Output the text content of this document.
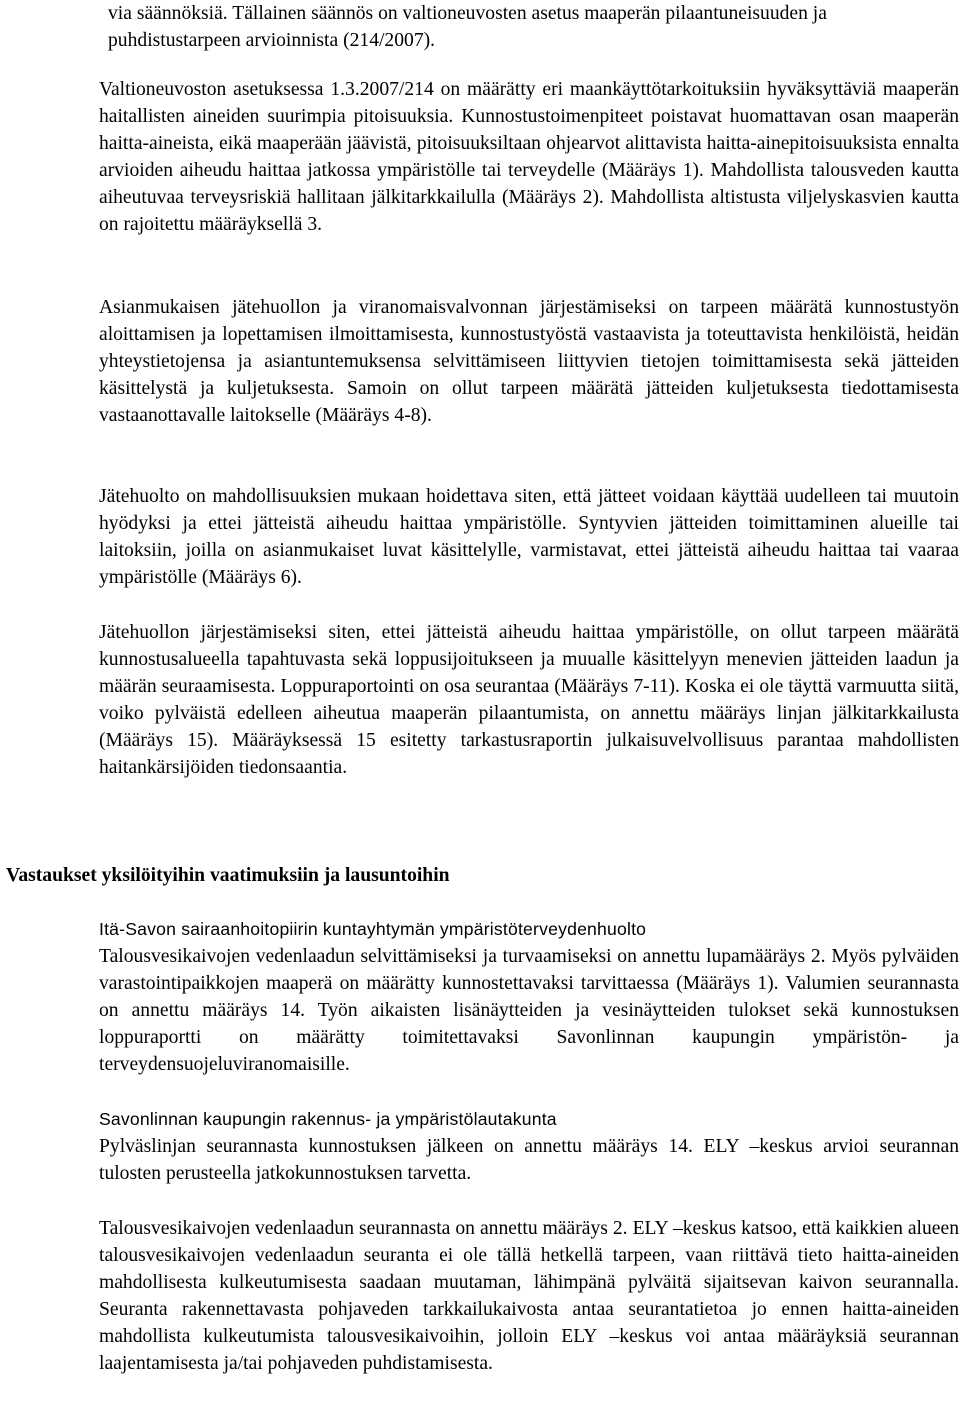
via säännöksiä. Tällainen säännös on valtioneuvosten asetus maaperän pilaantuneisuuden ja puhdistustarpeen arvioinnista (214/2007).

Valtioneuvoston asetuksessa 1.3.2007/214 on määrätty eri maankäyttötarkoituksiin hyväksyttäviä maaperän haitallisten aineiden suurimpia pitoisuuksia. Kunnostustoimenpiteet poistavat huomattavan osan maaperän haitta-aineista, eikä maaperään jäävistä, pitoisuuksiltaan ohjearvot alittavista haitta-ainepitoisuuksista ennalta arvioiden aiheudu haittaa jatkossa ympäristölle tai terveydelle (Määräys 1). Mahdollista talousveden kautta aiheutuvaa terveysriskiä hallitaan jälkitarkkailulla (Määräys 2). Mahdollista altistusta viljelyskasvien kautta on rajoitettu määräyksellä 3.

Asianmukaisen jätehuollon ja viranomaisvalvonnan järjestämiseksi on tarpeen määrätä kunnostustyön aloittamisen ja lopettamisen ilmoittamisesta, kunnostustyöstä vastaavista ja toteuttavista henkilöistä, heidän yhteystietojensa ja asiantuntemuksensa selvittämiseen liittyvien tietojen toimittamisesta sekä jätteiden käsittelystä ja kuljetuksesta. Samoin on ollut tarpeen määrätä jätteiden kuljetuksesta tiedottamisesta vastaanottavalle laitokselle (Määräys 4-8).

Jätehuolto on mahdollisuuksien mukaan hoidettava siten, että jätteet voidaan käyttää uudelleen tai muutoin hyödyksi ja ettei jätteistä aiheudu haittaa ympäristölle. Syntyvien jätteiden toimittaminen alueille tai laitoksiin, joilla on asianmukaiset luvat käsittelylle, varmistavat, ettei jätteistä aiheudu haittaa tai vaaraa ympäristölle (Määräys 6).

Jätehuollon järjestämiseksi siten, ettei jätteistä aiheudu haittaa ympäristölle, on ollut tarpeen määrätä kunnostusalueella tapahtuvasta sekä loppusijoitukseen ja muualle käsittelyyn menevien jätteiden laadun ja määrän seuraamisesta. Loppuraportointi on osa seurantaa (Määräys 7-11). Koska ei ole täyttä varmuutta siitä, voiko pylväistä edelleen aiheutua maaperän pilaantumista, on annettu määräys linjan jälkitarkkailusta (Määräys 15). Määräyksessä 15 esitetty tarkastusraportin julkaisuvelvollisuus parantaa mahdollisten haitankärsijöiden tiedonsaantia.

Vastaukset yksilöityihin vaatimuksiin ja lausuntoihin
Itä-Savon sairaanhoitopiirin kuntayhtymän ympäristöterveydenhuolto
Talousvesikaivojen vedenlaadun selvittämiseksi ja turvaamiseksi on annettu lupamääräys 2. Myös pylväiden varastointipaikkojen maaperä on määrätty kunnostettavaksi tarvittaessa (Määräys 1). Valumien seurannasta on annettu määräys 14. Työn aikaisten lisänäytteiden ja vesinäytteiden tulokset sekä kunnostuksen loppuraportti on määrätty toimitettavaksi Savonlinnan kaupungin ympäristön- ja terveydensuojeluviranomaisille.
Savonlinnan kaupungin rakennus- ja ympäristölautakunta
Pylväslinjan seurannasta kunnostuksen jälkeen on annettu määräys 14. ELY –keskus arvioi seurannan tulosten perusteella jatkokunnostuksen tarvetta.

Talousvesikaivojen vedenlaadun seurannasta on annettu määräys 2. ELY –keskus katsoo, että kaikkien alueen talousvesikaivojen vedenlaadun seuranta ei ole tällä hetkellä tarpeen, vaan riittävä tieto haitta-aineiden mahdollisesta kulkeutumisesta saadaan muutaman, lähimpänä pylväitä sijaitsevan kaivon seurannalla. Seuranta rakennettavasta pohjaveden tarkkailukaivosta antaa seurantatietoa jo ennen haitta-aineiden mahdollista kulkeutumista talousvesikaivoihin, jolloin ELY –keskus voi antaa määräyksiä seurannan laajentamisesta ja/tai pohjaveden puhdistamisesta.
